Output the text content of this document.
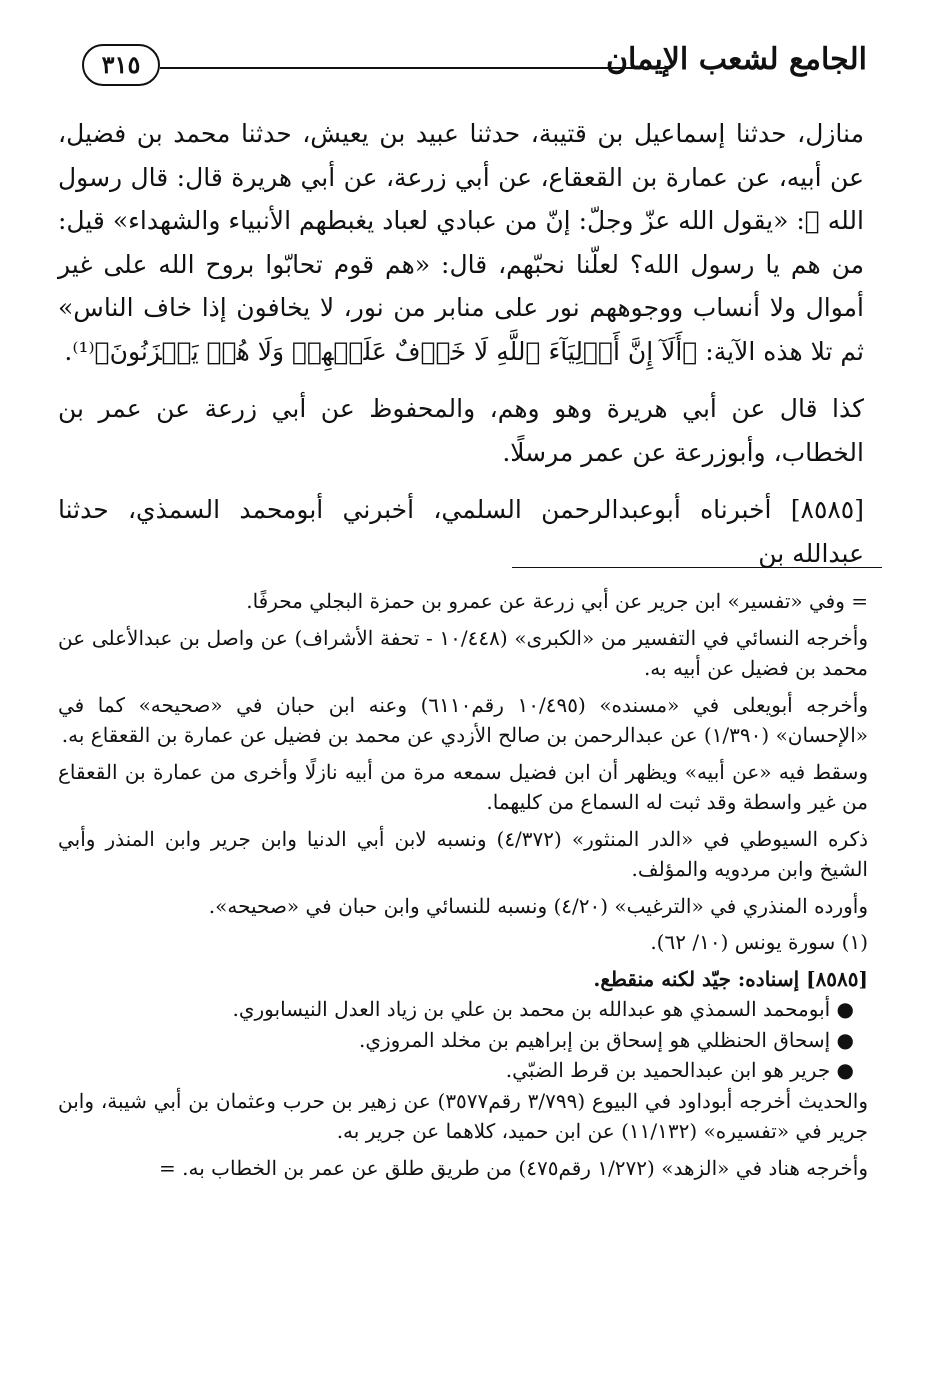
الجامع لشعب الإيمان
٣١٥

منازل، حدثنا إسماعيل بن قتيبة، حدثنا عبيد بن يعيش، حدثنا محمد بن فضيل، عن أبيه، عن عمارة بن القعقاع، عن أبي زرعة، عن أبي هريرة قال: قال رسول الله ﷺ: «يقول الله عزّ وجلّ: إنّ من عبادي لعباد يغبطهم الأنبياء والشهداء» قيل: من هم يا رسول الله؟ لعلّنا نحبّهم، قال: «هم قوم تحابّوا بروح الله على غير أموال ولا أنساب ووجوههم نور على منابر من نور، لا يخافون إذا خاف الناس» ثم تلا هذه الآية: ﴿أَلَآ إِنَّ أَوۡلِيَآءَ ٱللَّهِ لَا خَوۡفٌ عَلَيۡهِمۡ وَلَا هُمۡ يَحۡزَنُونَ﴾⁽¹⁾.

كذا قال عن أبي هريرة وهو وهم، والمحفوظ عن أبي زرعة عن عمر بن الخطاب، وأبوزرعة عن عمر مرسلًا.

[٨٥٨٥] أخبرناه أبوعبدالرحمن السلمي، أخبرني أبومحمد السمذي، حدثنا عبدالله بن

= وفي «تفسير» ابن جرير عن أبي زرعة عن عمرو بن حمزة البجلي محرفًا.

وأخرجه النسائي في التفسير من «الكبرى» (١٠/٤٤٨ - تحفة الأشراف) عن واصل بن عبدالأعلى عن محمد بن فضيل عن أبيه به.

وأخرجه أبويعلى في «مسنده» (١٠/٤٩٥ رقم٦١١٠) وعنه ابن حبان في «صحيحه» كما في «الإحسان» (١/٣٩٠) عن عبدالرحمن بن صالح الأزدي عن محمد بن فضيل عن عمارة بن القعقاع به.

وسقط فيه «عن أبيه» ويظهر أن ابن فضيل سمعه مرة من أبيه نازلًا وأخرى من عمارة بن القعقاع من غير واسطة وقد ثبت له السماع من كليهما.

ذكره السيوطي في «الدر المنثور» (٤/٣٧٢) ونسبه لابن أبي الدنيا وابن جرير وابن المنذر وأبي الشيخ وابن مردويه والمؤلف.

وأورده المنذري في «الترغيب» (٤/٢٠) ونسبه للنسائي وابن حبان في «صحيحه».

(١) سورة يونس (١٠/ ٦٢).

[٨٥٨٥] إسناده: جيّد لكنه منقطع.

● أبومحمد السمذي هو عبدالله بن محمد بن علي بن زياد العدل النيسابوري.

● إسحاق الحنظلي هو إسحاق بن إبراهيم بن مخلد المروزي.

● جرير هو ابن عبدالحميد بن قرط الضبّي.

والحديث أخرجه أبوداود في البيوع (٣/٧٩٩ رقم٣٥٧٧) عن زهير بن حرب وعثمان بن أبي شيبة، وابن جرير في «تفسيره» (١١/١٣٢) عن ابن حميد، كلاهما عن جرير به.

وأخرجه هناد في «الزهد» (١/٢٧٢ رقم٤٧٥) من طريق طلق عن عمر بن الخطاب به. =
